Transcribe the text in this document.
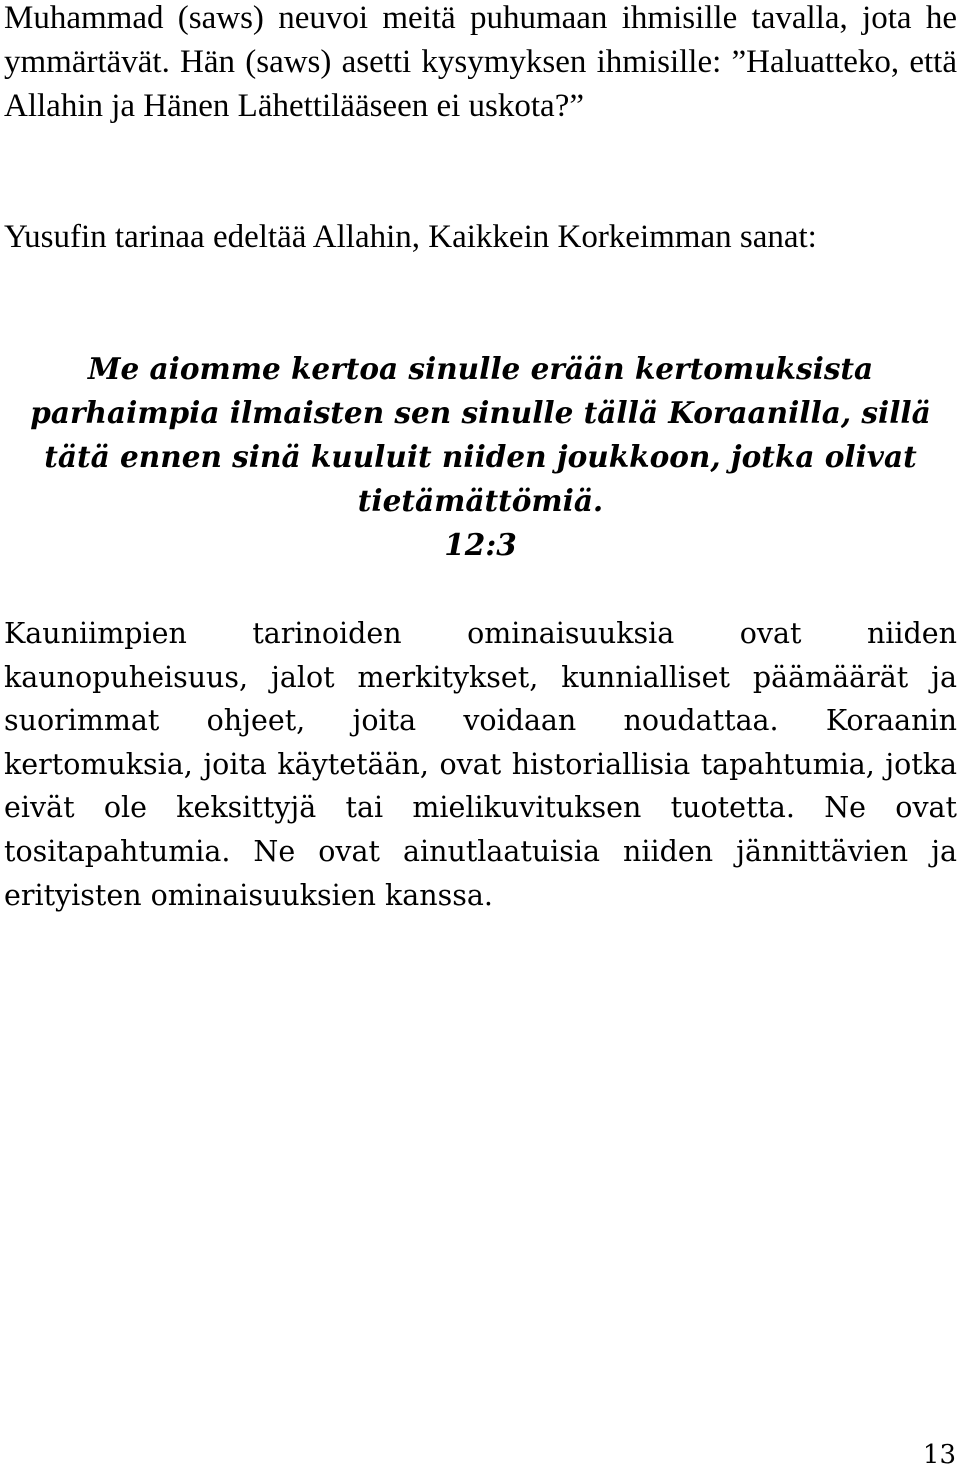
Muhammad (saws) neuvoi meitä puhumaan ihmisille tavalla, jota he ymmärtävät. Hän (saws) asetti kysymyksen ihmisille: ”Haluatteko, että Allahin ja Hänen Lähettilääseen ei uskota?”

Yusufin tarinaa edeltää Allahin, Kaikkein Korkeimman sanat:

Me aiomme kertoa sinulle erään kertomuksista parhaimpia ilmaisten sen sinulle tällä Koraanilla, sillä tätä ennen sinä kuuluit niiden joukkoon, jotka olivat tietämättömiä.
12:3

Kauniimpien tarinoiden ominaisuuksia ovat niiden kaunopuheisuus, jalot merkitykset, kunnialliset päämäärät ja suorimmat ohjeet, joita voidaan noudattaa. Koraanin kertomuksia, joita käytetään, ovat historiallisia tapahtumia, jotka eivät ole keksittyjä tai mielikuvituksen tuotetta. Ne ovat tositapahtumia. Ne ovat ainutlaatuisia niiden jännittävien ja erityisten ominaisuuksien kanssa.

13
